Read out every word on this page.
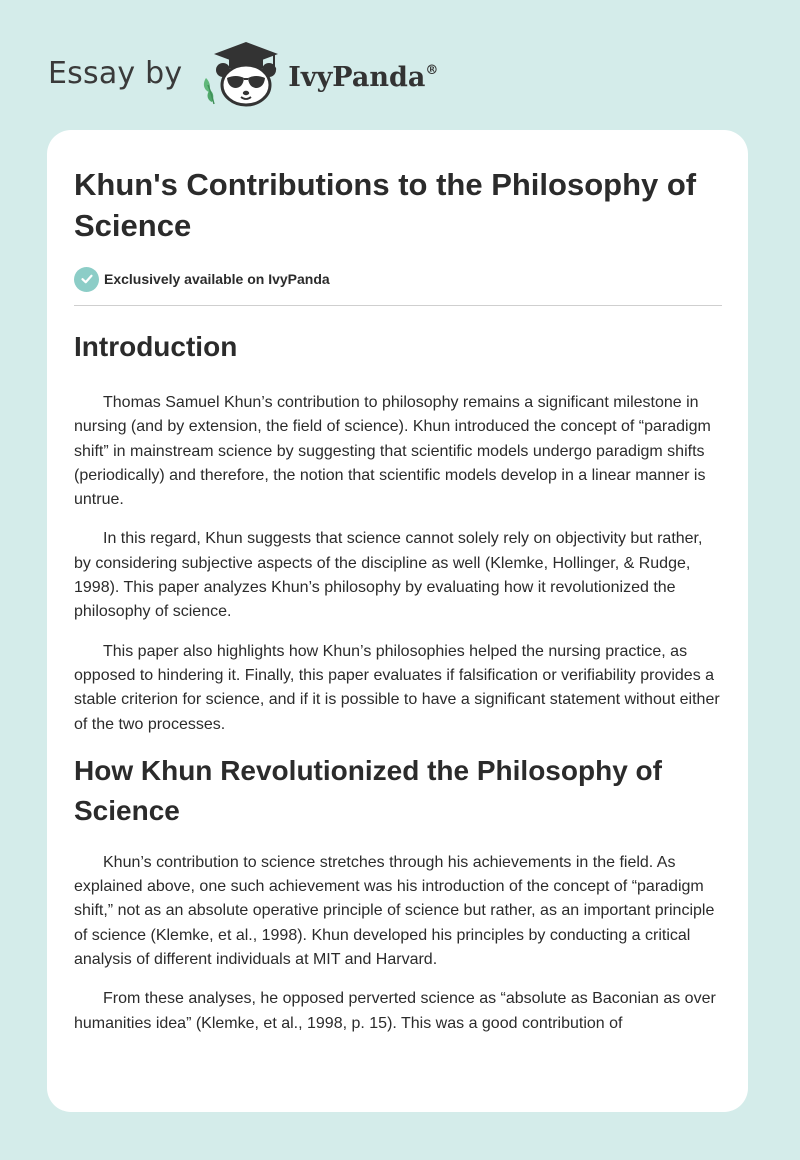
Essay by	IvyPanda®
Khun's Contributions to the Philosophy of Science
Exclusively available on IvyPanda
Introduction

Thomas Samuel Khun’s contribution to philosophy remains a significant milestone in nursing (and by extension, the field of science). Khun introduced the concept of “paradigm shift” in mainstream science by suggesting that scientific models undergo paradigm shifts (periodically) and therefore, the notion that scientific models develop in a linear manner is untrue.

In this regard, Khun suggests that science cannot solely rely on objectivity but rather, by considering subjective aspects of the discipline as well (Klemke, Hollinger, & Rudge, 1998). This paper analyzes Khun’s philosophy by evaluating how it revolutionized the philosophy of science.

This paper also highlights how Khun’s philosophies helped the nursing practice, as opposed to hindering it. Finally, this paper evaluates if falsification or verifiability provides a stable criterion for science, and if it is possible to have a significant statement without either of the two processes.

How Khun Revolutionized the Philosophy of Science

Khun’s contribution to science stretches through his achievements in the field. As explained above, one such achievement was his introduction of the concept of “paradigm shift,” not as an absolute operative principle of science but rather, as an important principle of science (Klemke, et al., 1998). Khun developed his principles by conducting a critical analysis of different individuals at MIT and Harvard.

From these analyses, he opposed perverted science as “absolute as Baconian as over humanities idea” (Klemke, et al., 1998, p. 15). This was a good contribution of
